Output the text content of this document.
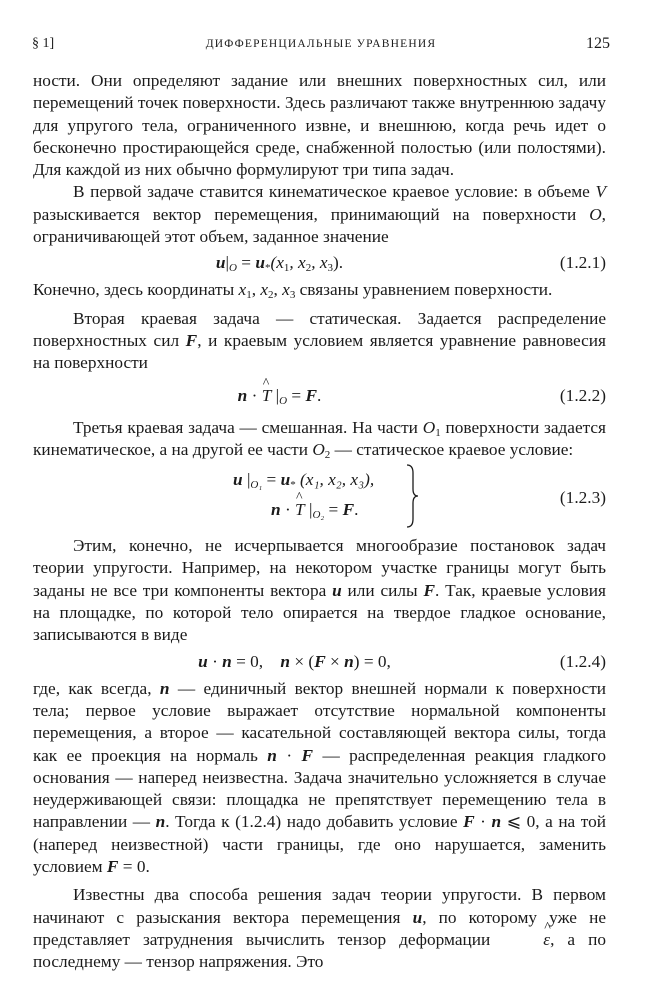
§ 1]	ДИФФЕРЕНЦИАЛЬНЫЕ УРАВНЕНИЯ	125

ности. Они определяют задание или внешних поверхностных сил, или перемещений точек поверхности. Здесь различают также внутреннюю задачу для упругого тела, ограниченного извне, и внешнюю, когда речь идет о бесконечно простирающейся среде, снабженной полостью (или полостями). Для каждой из них обычно формулируют три типа задач.

В первой задаче ставится кинематическое краевое условие: в объеме V разыскивается вектор перемещения, принимающий на поверхности O, ограничивающей этот объем, заданное значение

$u|_O = u_*(x_1$, $x_2$, $x_3$).	(1.2.1)

Конечно, здесь координаты $x_1$, $x_2$, $x_3$ связаны уравнением поверхности.

Вторая краевая задача — статическая. Задается распределение поверхностных сил F, и краевым условием является уравнение равновесия на поверхности

n · ^ T $|_O = F$.	(1.2.2)

Третья краевая задача — смешанная. На части $O_1$ поверхности задается кинематическое, а на другой ее части $O_2$ — статическое краевое условие:

u $|_{O_1} = u_*$ (x₁, x₂, x₃),
n · ^ T $|_{O_2} = F$.
(1.2.3)

Этим, конечно, не исчерпывается многообразие постановок задач теории упругости. Например, на некотором участке границы могут быть заданы не все три компоненты вектора u или силы F. Так, краевые условия на площадке, по которой тело опирается на твердое гладкое основание, записываются в виде

u · n = 0,    n × (F × n) = 0,	(1.2.4)

где, как всегда, n — единичный вектор внешней нормали к поверхности тела; первое условие выражает отсутствие нормальной компоненты перемещения, а второе — касательной составляющей вектора силы, тогда как ее проекция на нормаль n · F — распределенная реакция гладкого основания — наперед неизвестна. Задача значительно усложняется в случае неудерживающей связи: площадка не препятствует перемещению тела в направлении — n. Тогда к (1.2.4) надо добавить условие F · n ⩽ 0, а на той (наперед неизвестной) части границы, где оно нарушается, заменить условием F = 0.

Известны два способа решения задач теории упругости. В первом начинают с разыскания вектора перемещения u, по которому уже не представляет затруднения вычислить тензор деформации ^ ε, а по последнему — тензор напряжения. Это
